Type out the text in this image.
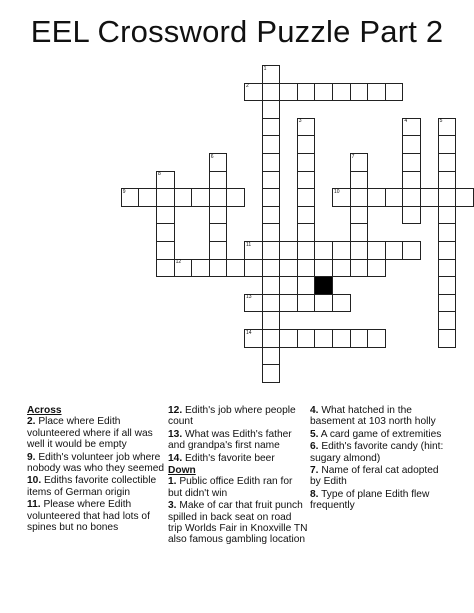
EEL Crossword Puzzle Part 2
1
2
3	4	5
6	7
8
9	10
11
12
13
14
Across
2. Place where Edith volunteered where if all was well it would be empty
9. Edith's volunteer job where nobody was who they seemed
10. Ediths favorite collectible items of German origin
11. Please where Edith volunteered that had lots of spines but no bones
12. Edith's job where people count
13. What was Edith's father and grandpa's first name
14. Edith's favorite beer
Down
1. Public office Edith ran for but didn't win
3. Make of car that fruit punch spilled in back seat on road trip Worlds Fair in Knoxville TN also famous gambling location
4. What hatched in the basement at 103 north holly
5. A card game of extremities
6. Edith's favorite candy (hint: sugary almond)
7. Name of feral cat adopted by Edith
8. Type of plane Edith flew frequently
